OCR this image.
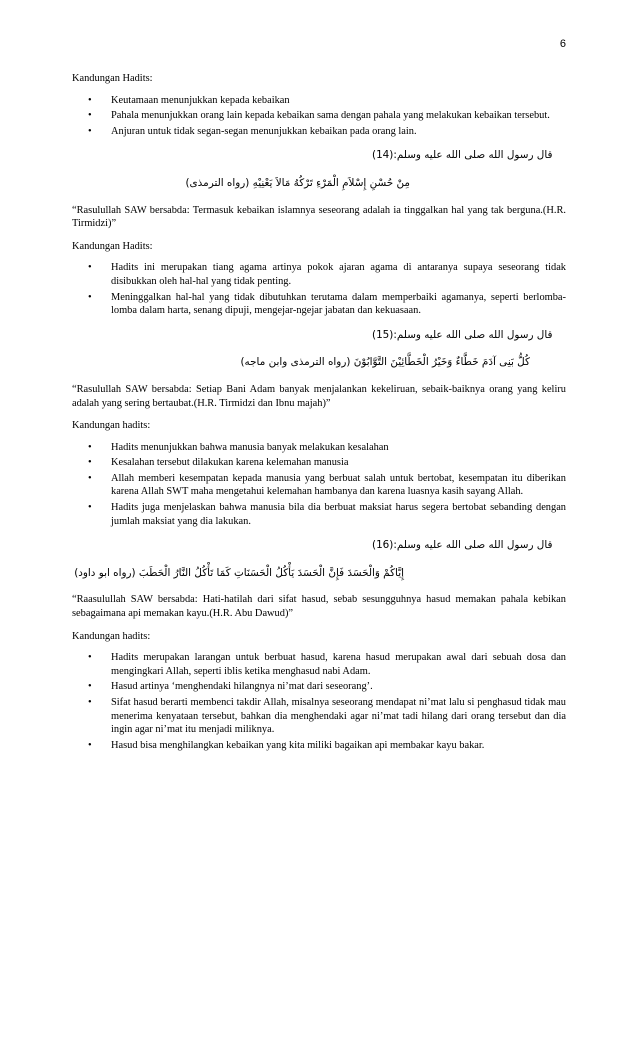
6

Kandungan Hadits:

• Keutamaan menunjukkan kepada kebaikan
• Pahala menunjukkan orang lain kepada kebaikan sama dengan pahala yang melakukan kebaikan tersebut.
• Anjuran untuk tidak segan-segan menunjukkan kebaikan pada orang lain.

قال رسول الله صلى الله عليه وسلم:(14)

مِنْ حُسْنِ إِسْلاَمِ الْمَرْءِ تَرْكُهُ مَالاَ يَعْنِيْهِ (رواه الترمذى)

“Rasulullah SAW bersabda: Termasuk kebaikan islamnya seseorang adalah ia tinggalkan hal yang tak berguna.(H.R. Tirmidzi)”

Kandungan Hadits:

• Hadits ini merupakan tiang agama artinya pokok ajaran agama di antaranya supaya seseorang tidak disibukkan oleh hal-hal yang tidak penting.
• Meninggalkan hal-hal yang tidak dibutuhkan terutama dalam memperbaiki agamanya, seperti berlomba-lomba dalam harta, senang dipuji, mengejar-ngejar jabatan dan kekuasaan.

قال رسول الله صلى الله عليه وسلم:(15)

كُلُّ بَنِى آدَمَ خَطَّاءٌ وَخَيْرُ الْخَطَّائِيْنَ التَّوَّابُوْنَ (رواه الترمذى وابن ماجه)

“Rasulullah SAW bersabda: Setiap Bani Adam banyak menjalankan kekeliruan, sebaik-baiknya orang yang keliru adalah yang sering bertaubat.(H.R. Tirmidzi dan Ibnu majah)”

Kandungan hadits:

• Hadits menunjukkan bahwa manusia banyak melakukan kesalahan
• Kesalahan tersebut dilakukan karena kelemahan manusia
• Allah memberi kesempatan kepada manusia yang berbuat salah untuk bertobat, kesempatan itu diberikan karena Allah SWT maha mengetahui kelemahan hambanya dan karena luasnya kasih sayang Allah.
• Hadits juga menjelaskan bahwa manusia bila dia berbuat maksiat harus segera bertobat sebanding dengan jumlah maksiat yang dia lakukan.

قال رسول الله صلى الله عليه وسلم:(16)

إِيَّاكُمْ وَالْحَسَدَ فَإِنَّ الْحَسَدَ يَأْكُلُ الْحَسَنَاتِ كَمَا تَأْكُلُ النَّارُ الْحَطَبَ (رواه ابو داود)

“Raasulullah SAW bersabda: Hati-hatilah dari sifat hasud, sebab sesungguhnya hasud memakan pahala kebikan sebagaimana api memakan kayu.(H.R. Abu Dawud)”

Kandungan hadits:

• Hadits merupakan larangan untuk berbuat hasud, karena hasud merupakan awal dari sebuah dosa dan mengingkari Allah, seperti iblis ketika menghasud nabi Adam.
• Hasud artinya ‘menghendaki hilangnya ni’mat dari seseorang’.
• Sifat hasud berarti membenci takdir Allah, misalnya seseorang mendapat ni’mat lalu si penghasud tidak mau menerima kenyataan tersebut, bahkan dia menghendaki agar ni’mat tadi hilang dari orang tersebut dan dia ingin agar ni’mat itu menjadi miliknya.
• Hasud bisa menghilangkan kebaikan yang kita miliki bagaikan api membakar kayu bakar.
